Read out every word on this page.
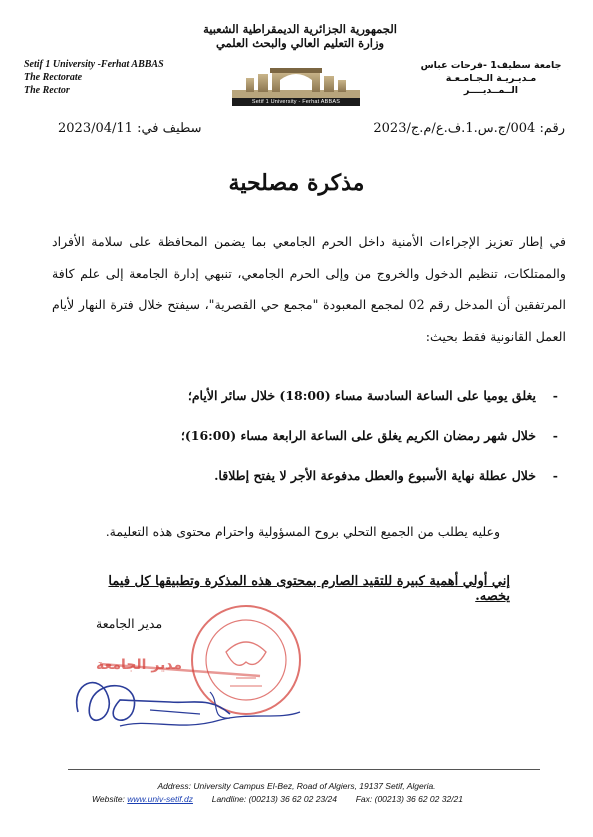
الجمهورية الجزائرية الديمقراطية الشعبية
وزارة التعليم العالي والبحث العلمي
Setif 1 University -Ferhat ABBAS
The Rectorate
The Rector
جامعة سطيف1 -فرحات عباس
مـديـريـة الـجـامـعـة
الــمــديــــر
Setif 1 University - Ferhat ABBAS
رقم: 004/ج.س.1.ف.ع/م.ج/2023
سطيف في: 2023/04/11
مذكرة مصلحية
في إطار تعزيز الإجراءات الأمنية داخل الحرم الجامعي بما يضمن المحافظة على سلامة الأفراد والممتلكات، تنظيم الدخول والخروج من وإلى الحرم الجامعي، تنبهي إدارة الجامعة إلى علم كافة المرتفقين أن المدخل رقم 02 لمجمع المعبودة "مجمع حي القصرية"، سيفتح خلال فترة النهار لأيام العمل القانونية فقط بحيث:
-
يغلق يوميا على الساعة السادسة مساء (18:00) خلال سائر الأيام؛
-
خلال شهر رمضان الكريم يغلق على الساعة الرابعة مساء (16:00)؛
-
خلال عطلة نهاية الأسبوع والعطل مدفوعة الأجر لا يفتح إطلاقا.
وعليه يطلب من الجميع التحلي بروح المسؤولية واحترام محتوى هذه التعليمة.
إني أولي أهمية كبيرة للتقيد الصارم بمحتوى هذه المذكرة وتطبيقها كل فيما يخصه.
مدير الجامعة
مدير الجامعة
Address: University Campus El-Bez, Road of Algiers, 19137 Setif, Algeria.
Website: www.univ-setif.dz Landline: (00213) 36 62 02 23/24 Fax: (00213) 36 62 02 32/21
